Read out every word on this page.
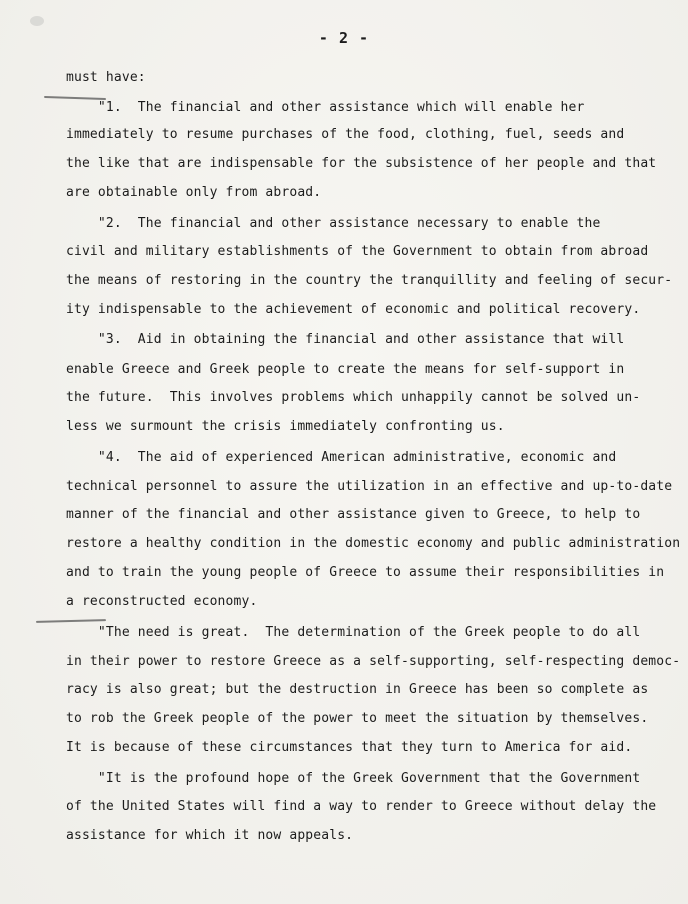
- 2 -
must have:
"1.  The financial and other assistance which will enable her
immediately to resume purchases of the food, clothing, fuel, seeds and
the like that are indispensable for the subsistence of her people and that
are obtainable only from abroad.
"2.  The financial and other assistance necessary to enable the
civil and military establishments of the Government to obtain from abroad
the means of restoring in the country the tranquillity and feeling of secur-
ity indispensable to the achievement of economic and political recovery.
"3.  Aid in obtaining the financial and other assistance that will
enable Greece and Greek people to create the means for self-support in
the future.  This involves problems which unhappily cannot be solved un-
less we surmount the crisis immediately confronting us.
"4.  The aid of experienced American administrative, economic and
technical personnel to assure the utilization in an effective and up-to-date
manner of the financial and other assistance given to Greece, to help to
restore a healthy condition in the domestic economy and public administration
and to train the young people of Greece to assume their responsibilities in
a reconstructed economy.
"The need is great.  The determination of the Greek people to do all
in their power to restore Greece as a self-supporting, self-respecting democ-
racy is also great; but the destruction in Greece has been so complete as
to rob the Greek people of the power to meet the situation by themselves.
It is because of these circumstances that they turn to America for aid.
"It is the profound hope of the Greek Government that the Government
of the United States will find a way to render to Greece without delay the
assistance for which it now appeals.
